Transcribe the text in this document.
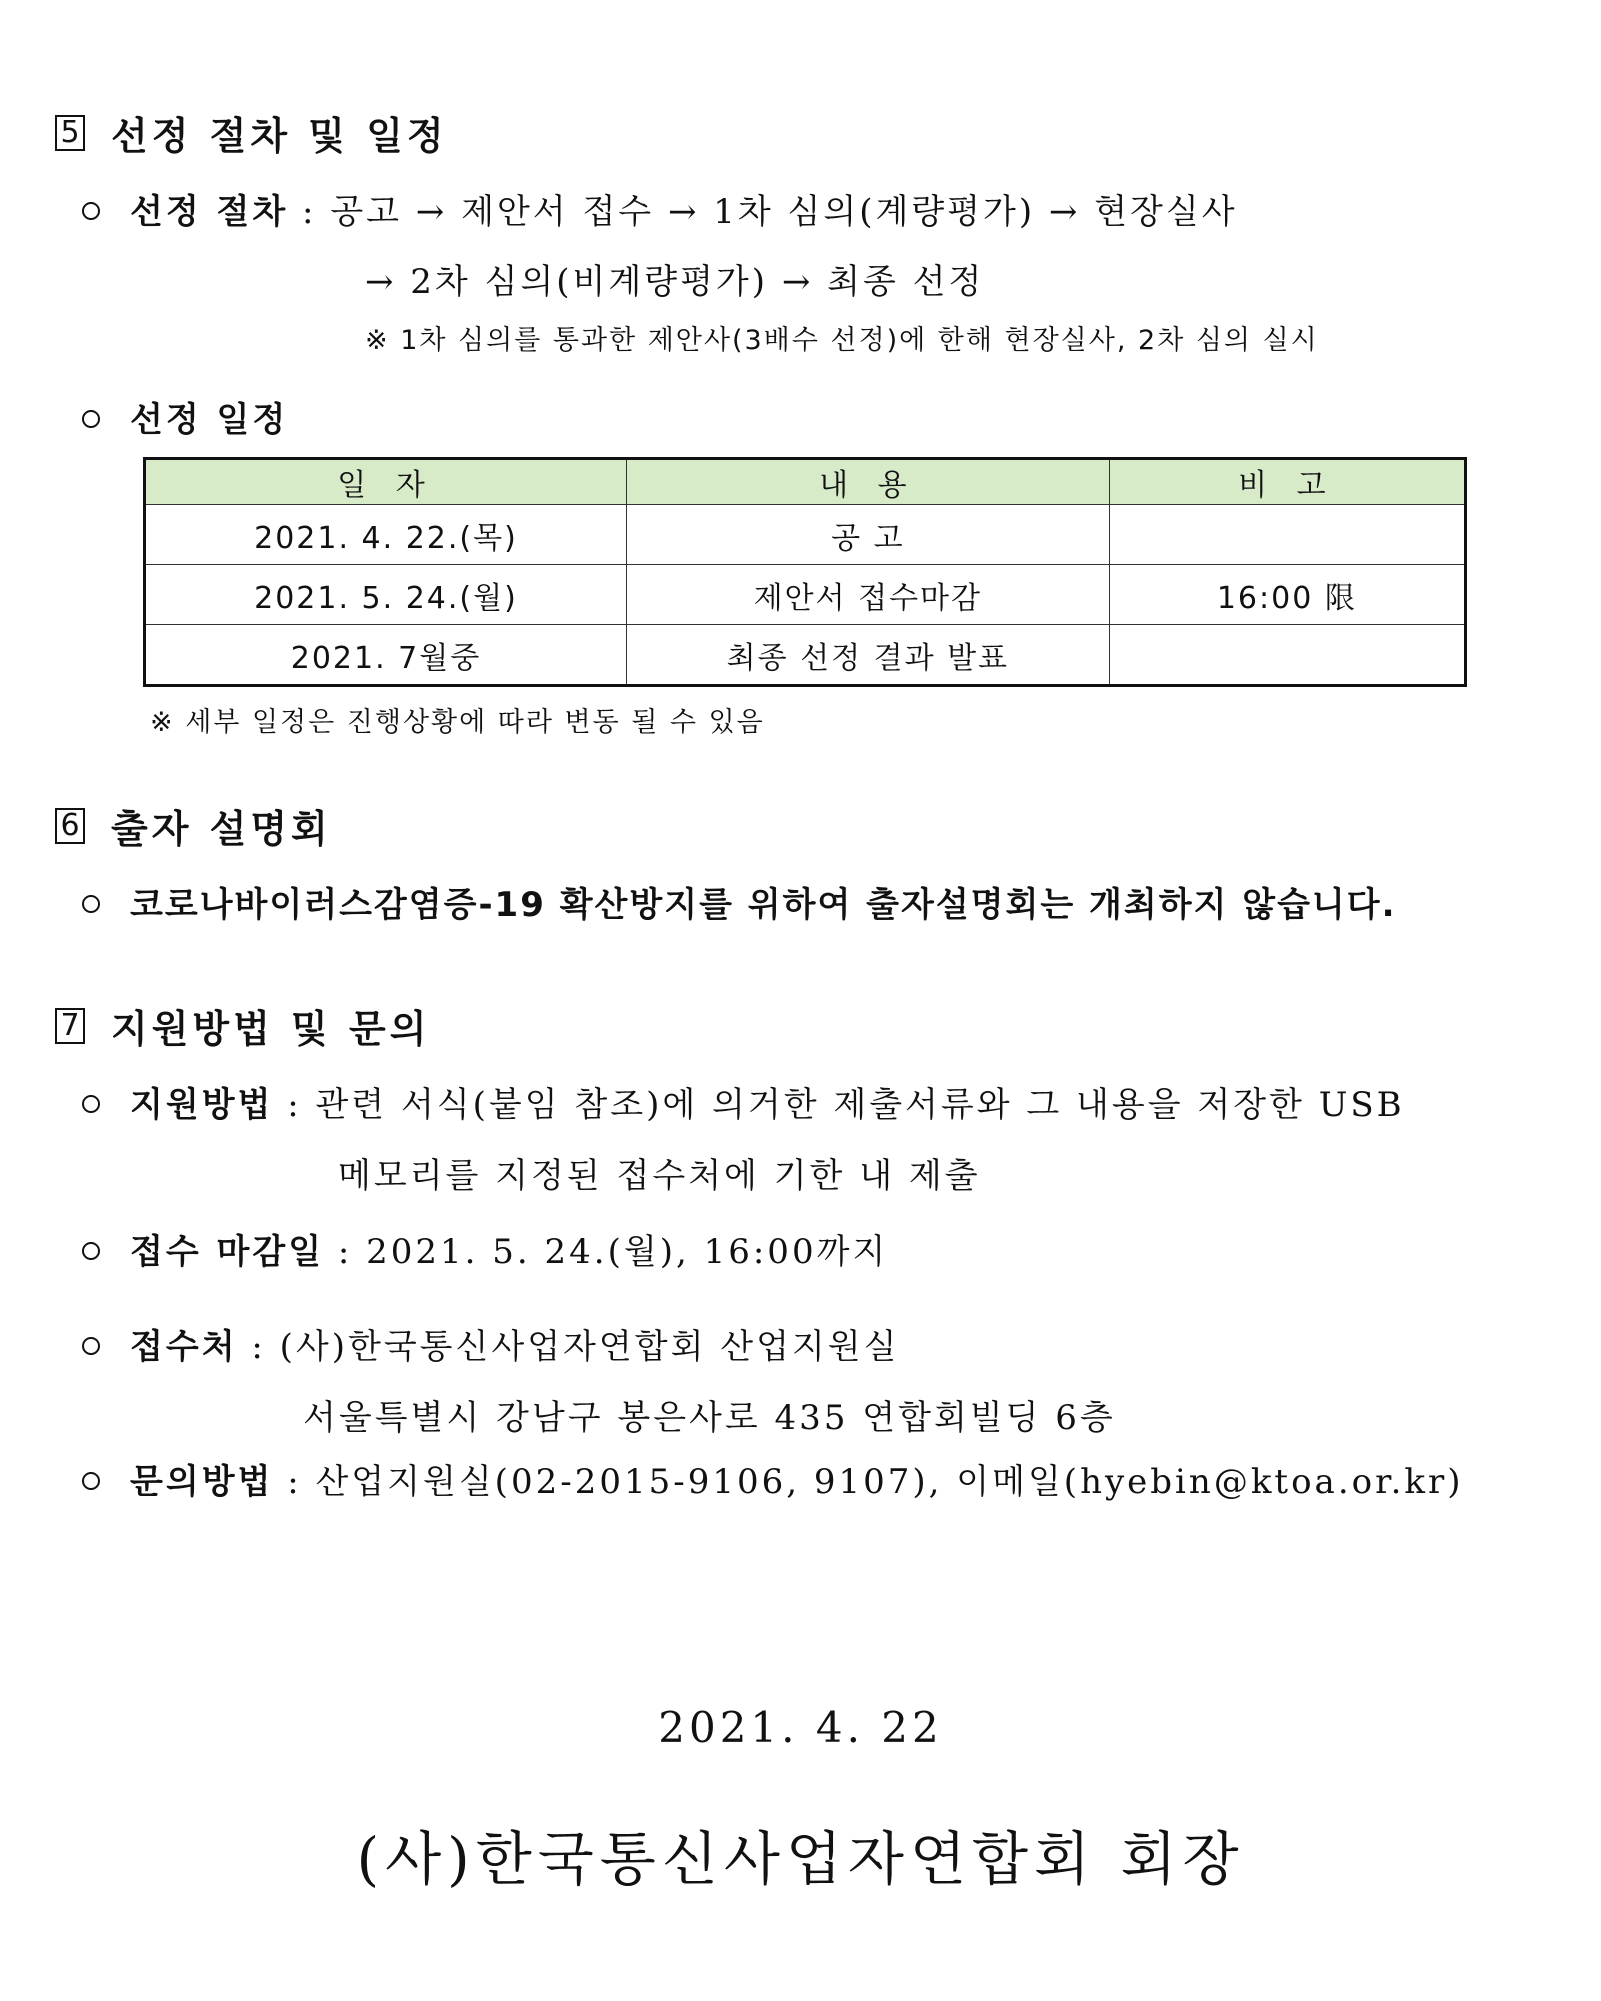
5 선정 절차 및 일정
선정 절차 : 공고 → 제안서 접수 → 1차 심의(계량평가) → 현장실사
→ 2차 심의(비계량평가) → 최종 선정
※ 1차 심의를 통과한 제안사(3배수 선정)에 한해 현장실사, 2차 심의 실시
선정 일정
일 자	내 용	비 고
2021. 4. 22.(목)	공 고	
2021. 5. 24.(월)	제안서 접수마감	16:00 限
2021. 7월중	최종 선정 결과 발표	
※ 세부 일정은 진행상황에 따라 변동 될 수 있음
6 출자 설명회
코로나바이러스감염증-19 확산방지를 위하여 출자설명회는 개최하지 않습니다.
7 지원방법 및 문의
지원방법 : 관련 서식(붙임 참조)에 의거한 제출서류와 그 내용을 저장한 USB
메모리를 지정된 접수처에 기한 내 제출
접수 마감일 : 2021. 5. 24.(월), 16:00까지
접수처 : (사)한국통신사업자연합회 산업지원실
서울특별시 강남구 봉은사로 435 연합회빌딩 6층
문의방법 : 산업지원실(02-2015-9106, 9107), 이메일(hyebin@ktoa.or.kr)
2021. 4. 22
(사)한국통신사업자연합회 회장
